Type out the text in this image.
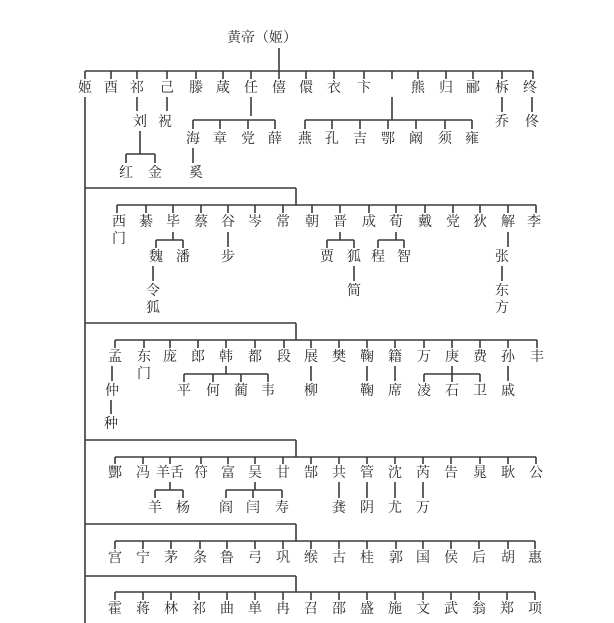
黄帝（姬）
姬 酉 祁 己 滕 葴 任 僖 儇 衣 卞	熊 归 郦 柝 终
刘 祝
海 章 党 薛 燕 孔 吉 鄂 阚 须 雍
乔 佟
红 金 奚
西门
綦 毕 蔡 谷 岑 常 朝 晋 成 荀 戴 党 狄 解 李
魏 潘 步	贾 狐 程 智	张
令狐
简	东方
孟 东门
庞 郎 韩 都 段 展 樊 鞠 籍 万 庚 费 孙 丰
仲	平 何 蔺 韦 柳	鞠 席 凌 石 卫 戚
种
酆 冯 羊舌 符 富 吴 甘 郜 共 管 沈 芮 告 晁 耿 公
羊 杨 阎 闫 寿	龚 阴 尤 万
宫 宁 茅 条 鲁 弓 巩 缑 古 桂 郭 国 侯 后 胡 惠
霍 蒋 林 祁 曲 单 冉 召 邵 盛 施 文 武 翁 郑 项
